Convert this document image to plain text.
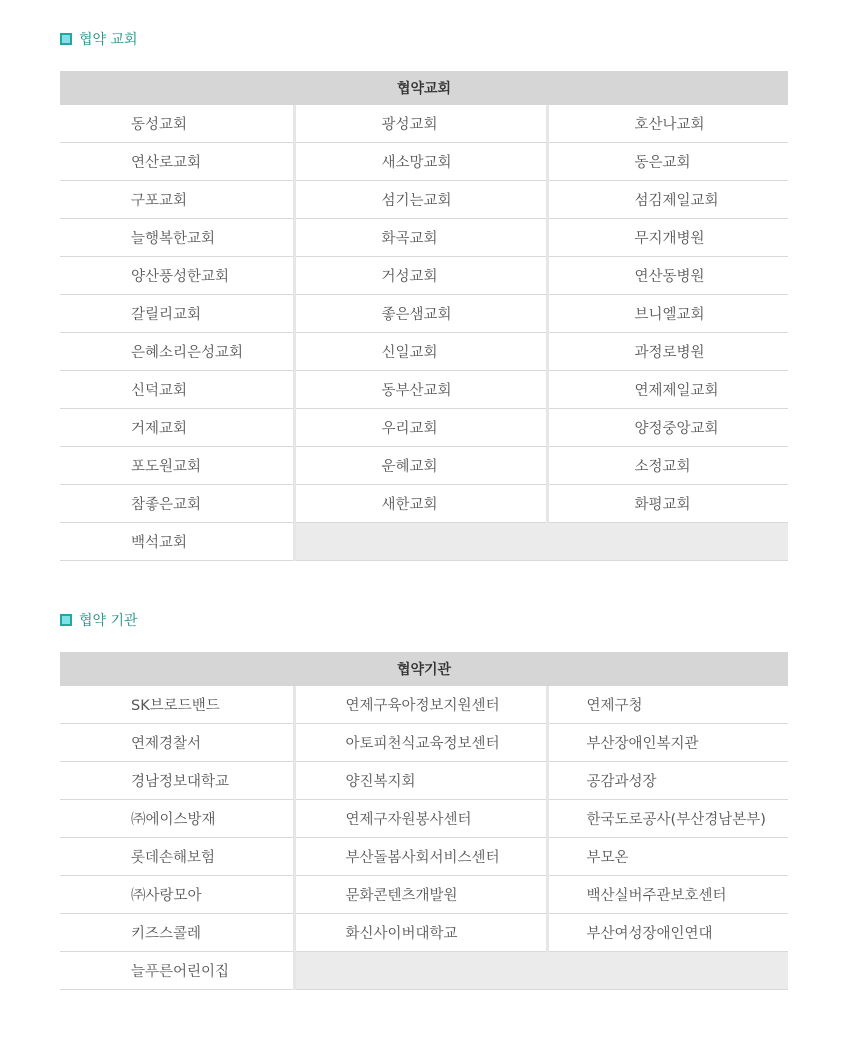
협약 교회
협약교회		
동성교회	광성교회	호산나교회
연산로교회	새소망교회	동은교회
구포교회	섬기는교회	섬김제일교회
늘행복한교회	화곡교회	무지개병원
양산풍성한교회	거성교회	연산동병원
갈릴리교회	좋은샘교회	브니엘교회
은혜소리은성교회	신일교회	과정로병원
신덕교회	동부산교회	연제제일교회
거제교회	우리교회	양정중앙교회
포도원교회	운혜교회	소정교회
참좋은교회	새한교회	화평교회
백석교회		
협약 기관
협약기관		
SK브로드밴드	연제구육아정보지원센터	연제구청
연제경찰서	아토피천식교육정보센터	부산장애인복지관
경남정보대학교	양진복지회	공감과성장
㈜에이스방재	연제구자원봉사센터	한국도로공사(부산경남본부)
롯데손해보험	부산돌봄사회서비스센터	부모온
㈜사랑모아	문화콘텐츠개발원	백산실버주관보호센터
키즈스콜레	화신사이버대학교	부산여성장애인연대
늘푸른어린이집		
